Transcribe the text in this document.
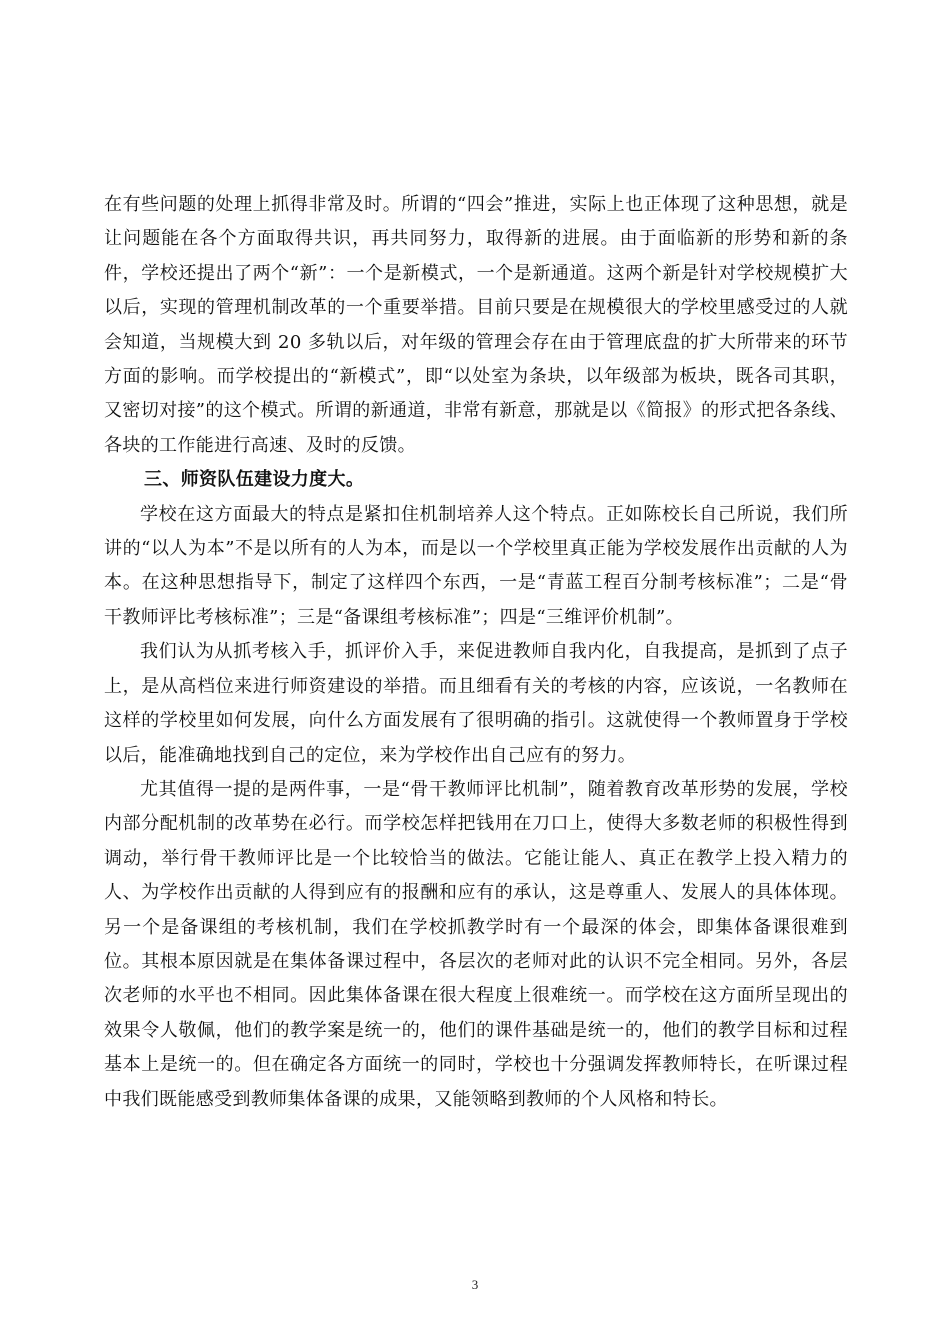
在有些问题的处理上抓得非常及时。所谓的“四会”推进，实际上也正体现了这种思想，就是让问题能在各个方面取得共识，再共同努力，取得新的进展。由于面临新的形势和新的条件，学校还提出了两个“新”：一个是新模式，一个是新通道。这两个新是针对学校规模扩大以后，实现的管理机制改革的一个重要举措。目前只要是在规模很大的学校里感受过的人就会知道，当规模大到 20 多轨以后，对年级的管理会存在由于管理底盘的扩大所带来的环节方面的影响。而学校提出的“新模式”，即“以处室为条块，以年级部为板块，既各司其职，又密切对接”的这个模式。所谓的新通道，非常有新意，那就是以《简报》的形式把各条线、各块的工作能进行高速、及时的反馈。

三、师资队伍建设力度大。

学校在这方面最大的特点是紧扣住机制培养人这个特点。正如陈校长自己所说，我们所讲的“以人为本”不是以所有的人为本，而是以一个学校里真正能为学校发展作出贡献的人为本。在这种思想指导下，制定了这样四个东西，一是“青蓝工程百分制考核标准”；二是“骨干教师评比考核标准”；三是“备课组考核标准”；四是“三维评价机制”。

我们认为从抓考核入手，抓评价入手，来促进教师自我内化，自我提高，是抓到了点子上，是从高档位来进行师资建设的举措。而且细看有关的考核的内容，应该说，一名教师在这样的学校里如何发展，向什么方面发展有了很明确的指引。这就使得一个教师置身于学校以后，能准确地找到自己的定位，来为学校作出自己应有的努力。

尤其值得一提的是两件事，一是“骨干教师评比机制”，随着教育改革形势的发展，学校内部分配机制的改革势在必行。而学校怎样把钱用在刀口上，使得大多数老师的积极性得到调动，举行骨干教师评比是一个比较恰当的做法。它能让能人、真正在教学上投入精力的人、为学校作出贡献的人得到应有的报酬和应有的承认，这是尊重人、发展人的具体体现。另一个是备课组的考核机制，我们在学校抓教学时有一个最深的体会，即集体备课很难到位。其根本原因就是在集体备课过程中，各层次的老师对此的认识不完全相同。另外，各层次老师的水平也不相同。因此集体备课在很大程度上很难统一。而学校在这方面所呈现出的效果令人敬佩，他们的教学案是统一的，他们的课件基础是统一的，他们的教学目标和过程基本上是统一的。但在确定各方面统一的同时，学校也十分强调发挥教师特长，在听课过程中我们既能感受到教师集体备课的成果，又能领略到教师的个人风格和特长。

3
